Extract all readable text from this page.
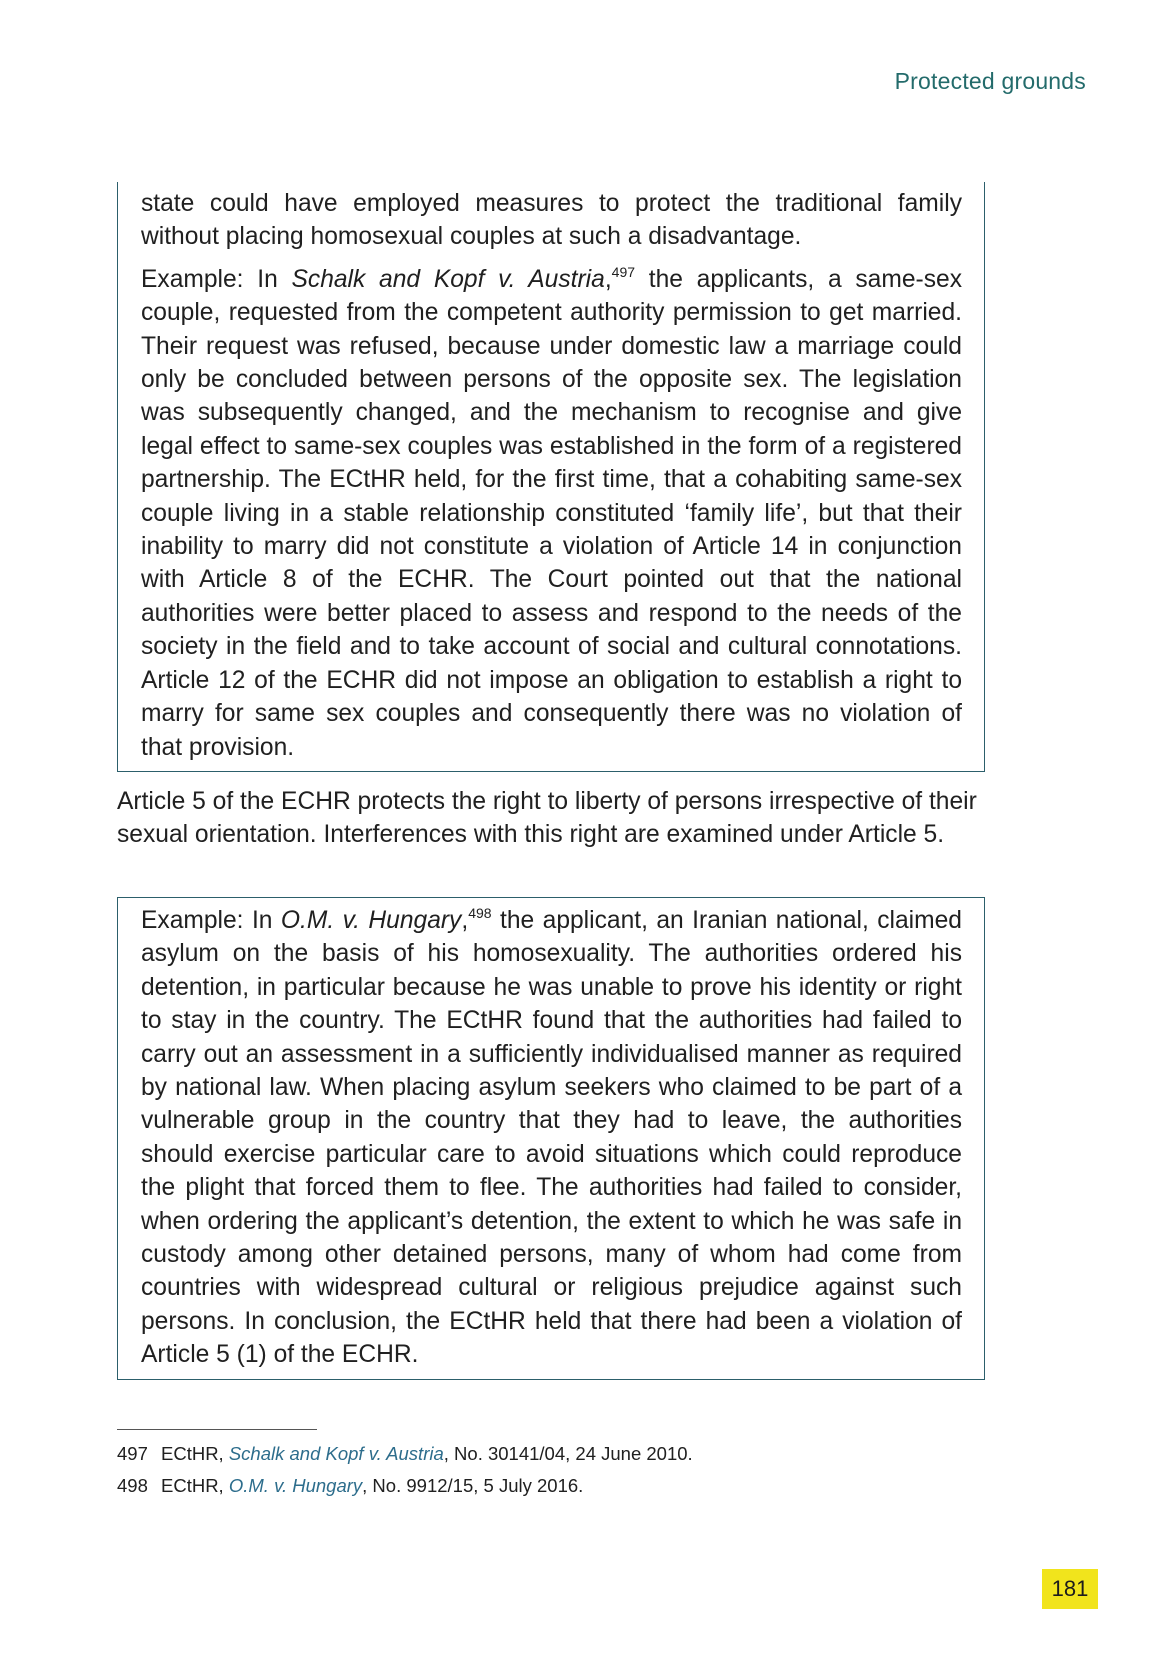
Protected grounds

state could have employed measures to protect the traditional family without placing homosexual couples at such a disadvantage.

Example: In Schalk and Kopf v. Austria,$^{497}$ the applicants, a same-sex couple, requested from the competent authority permission to get married. Their request was refused, because under domestic law a marriage could only be concluded between persons of the opposite sex. The legislation was subsequently changed, and the mechanism to recognise and give legal effect to same-sex couples was established in the form of a registered partnership. The ECtHR held, for the first time, that a cohabiting same-sex couple living in a stable relationship constituted ‘family life’, but that their inability to marry did not constitute a violation of Article 14 in conjunction with Article 8 of the ECHR. The Court pointed out that the national authorities were better placed to assess and respond to the needs of the society in the field and to take account of social and cultural connotations. Article 12 of the ECHR did not impose an obligation to establish a right to marry for same sex couples and consequently there was no violation of that provision.

Article 5 of the ECHR protects the right to liberty of persons irrespective of their sexual orientation. Interferences with this right are examined under Article 5.

Example: In O.M. v. Hungary,$^{498}$ the applicant, an Iranian national, claimed asylum on the basis of his homosexuality. The authorities ordered his detention, in particular because he was unable to prove his identity or right to stay in the country. The ECtHR found that the authorities had failed to carry out an assessment in a sufficiently individualised manner as required by national law. When placing asylum seekers who claimed to be part of a vulnerable group in the country that they had to leave, the authorities should exercise particular care to avoid situations which could reproduce the plight that forced them to flee. The authorities had failed to consider, when ordering the applicant’s detention, the extent to which he was safe in custody among other detained persons, many of whom had come from countries with widespread cultural or religious prejudice against such persons. In conclusion, the ECtHR held that there had been a violation of Article 5 (1) of the ECHR.

497 ECtHR, Schalk and Kopf v. Austria, No. 30141/04, 24 June 2010.

498 ECtHR, O.M. v. Hungary, No. 9912/15, 5 July 2016.

181
